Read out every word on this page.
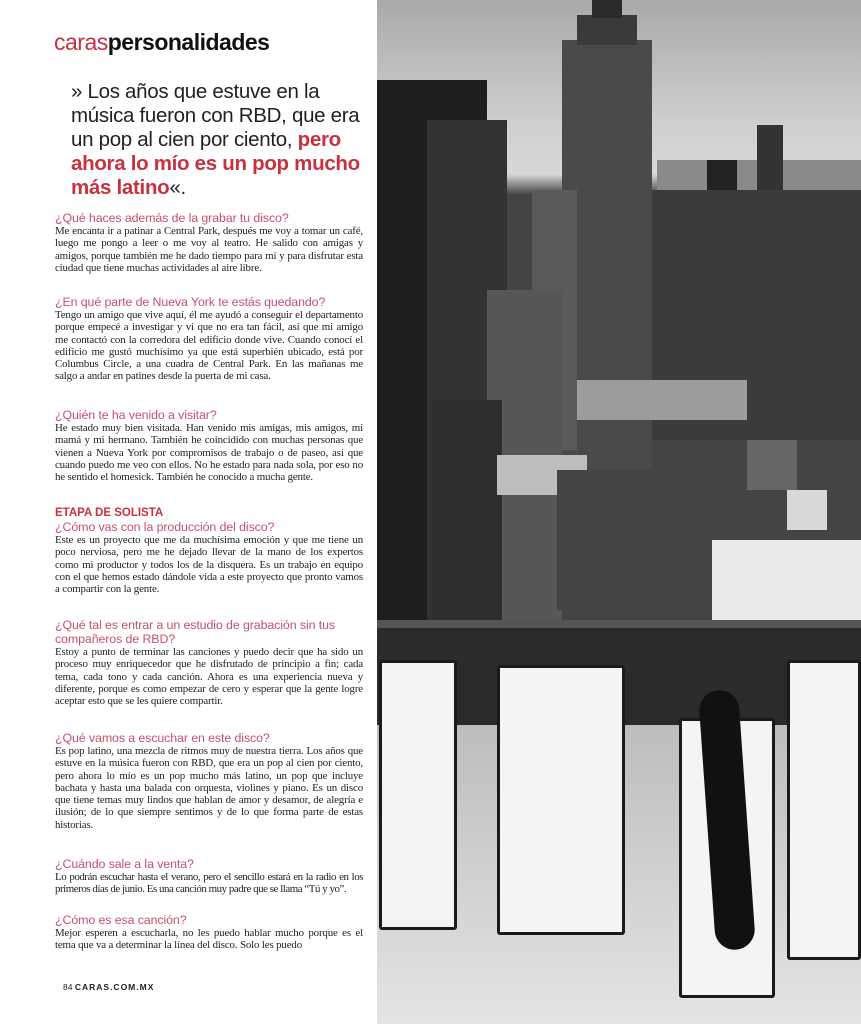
caraspersonalidades
» Los años que estuve en la música fueron con RBD, que era un pop al cien por ciento, pero ahora lo mío es un pop mucho más latino«.
¿Qué haces además de la grabar tu disco?
Me encanta ir a patinar a Central Park, después me voy a tomar un café, luego me pongo a leer o me voy al teatro. He salido con amigas y amigos, porque también me he dado tiempo para mí y para disfrutar esta ciudad que tiene muchas actividades al aire libre.
¿En qué parte de Nueva York te estás quedando?
Tengo un amigo que vive aquí, él me ayudó a conseguir el departamento porque empecé a investigar y vi que no era tan fácil, así que mi amigo me contactó con la corredora del edificio donde vive. Cuando conocí el edificio me gustó muchísimo ya que está superbién ubicado, está por Columbus Circle, a una cuadra de Central Park. En las mañanas me salgo a andar en patines desde la puerta de mi casa.
¿Quién te ha venido a visitar?
He estado muy bien visitada. Han venido mis amigas, mis amigos, mi mamá y mi hermano. También he coincidido con muchas personas que vienen a Nueva York por compromisos de trabajo o de paseo, así que cuando puedo me veo con ellos. No he estado para nada sola, por eso no he sentido el homesick. También he conocido a mucha gente.
ETAPA DE SOLISTA
¿Cómo vas con la producción del disco?
Este es un proyecto que me da muchísima emoción y que me tiene un poco nerviosa, pero me he dejado llevar de la mano de los expertos como mi productor y todos los de la disquera. Es un trabajo en equipo con el que hemos estado dándole vida a este proyecto que pronto vamos a compartir con la gente.
¿Qué tal es entrar a un estudio de grabación sin tus compañeros de RBD?
Estoy a punto de terminar las canciones y puedo decir que ha sido un proceso muy enriquecedor que he disfrutado de principio a fin; cada tema, cada tono y cada canción. Ahora es una experiencia nueva y diferente, porque es como empezar de cero y esperar que la gente logre aceptar esto que se les quiere compartir.
¿Qué vamos a escuchar en este disco?
Es pop latino, una mezcla de ritmos muy de nuestra tierra. Los años que estuve en la música fueron con RBD, que era un pop al cien por ciento, pero ahora lo mío es un pop mucho más latino, un pop que incluye bachata y hasta una balada con orquesta, violines y piano. Es un disco que tiene temas muy lindos que hablan de amor y desamor, de alegría e ilusión; de lo que siempre sentimos y de lo que forma parte de estas historias.
¿Cuándo sale a la venta?
Lo podrán escuchar hasta el verano, pero el sencillo estará en la radio en los primeros días de junio. Es una canción muy padre que se llama “Tú y yo”.
¿Cómo es esa canción?
Mejor esperen a escucharla, no les puedo hablar mucho porque es el tema que va a determinar la línea del disco. Solo les puedo
84 CARAS.COM.MX
